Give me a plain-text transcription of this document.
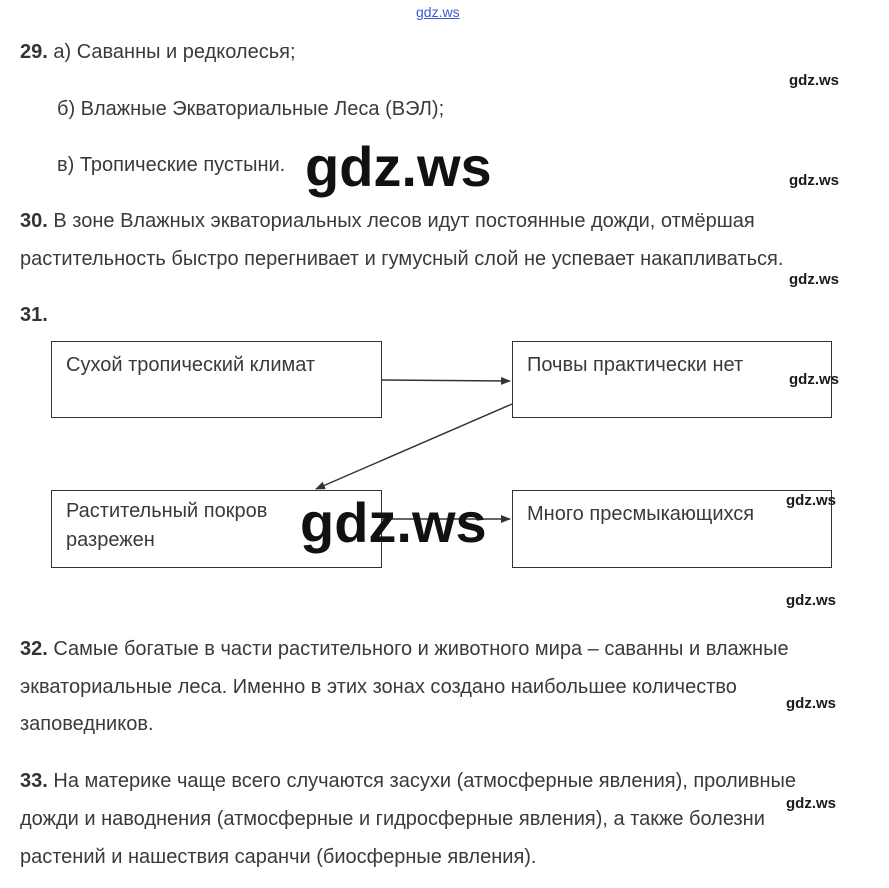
gdz.ws
29. а) Саванны и редколесья;
б) Влажные Экваториальные Леса (ВЭЛ);
в) Тропические пустыни.
30. В зоне Влажных экваториальных лесов идут постоянные дожди, отмёршая
растительность быстро перегнивает и гумусный слой не успевает накапливаться.
31.
Сухой тропический климат	Почвы практически нет
Растительный покров
разрежен
Много пресмыкающихся
32. Самые богатые в части растительного и животного мира – саванны и влажные
экваториальные леса. Именно в этих зонах создано наибольшее количество
заповедников.
33. На материке чаще всего случаются засухи (атмосферные явления), проливные
дожди и наводнения (атмосферные и гидросферные явления), а также болезни
растений и нашествия саранчи (биосферные явления).
gdz.ws
gdz.ws
gdz.ws
gdz.ws
gdz.ws
gdz.ws
gdz.ws
gdz.ws
gdz.ws
gdz.ws
